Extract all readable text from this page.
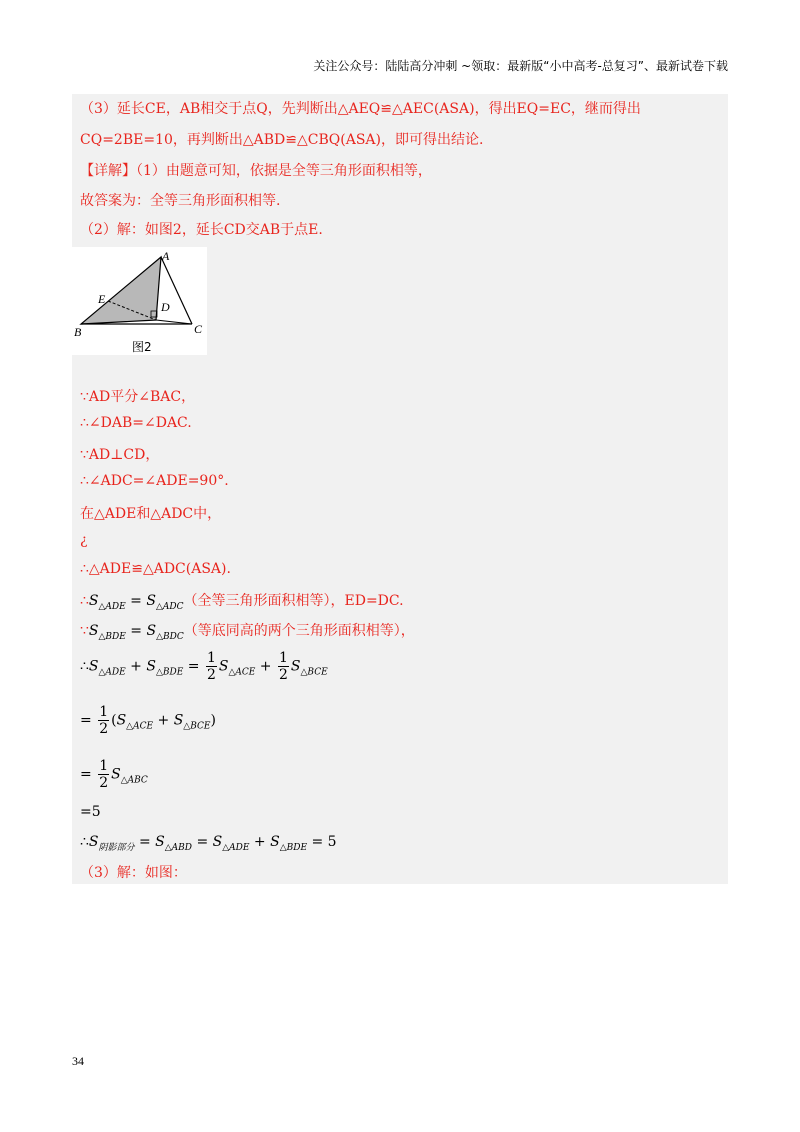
关注公众号：陆陆高分冲刺 ~领取：最新版“小中高考-总复习”、最新试卷下载
（3）延长CE，AB相交于点Q，先判断出△AEQ≌△AEC(ASA)，得出EQ=EC，继而得出
CQ=2BE=10，再判断出△ABD≌△CBQ(ASA)，即可得出结论.
【详解】（1）由题意可知，依据是全等三角形面积相等，
故答案为：全等三角形面积相等.
（2）解：如图2，延长CD交AB于点E.
A
E
D
B	C
图2
∵AD平分∠BAC，
∴∠DAB=∠DAC.
∵AD⊥CD，
∴∠ADC=∠ADE=90°.
在△ADE和△ADC中，
¿
∴△ADE≌△ADC(ASA).
$\therefore S_{\triangle ADE} = S_{\triangle ADC}$（全等三角形面积相等），ED=DC.
$\because S_{\triangle BDE} = S_{\triangle BDC}$（等底同高的两个三角形面积相等），
$\therefore S_{\triangle ADE} + S_{\triangle BDE} = \frac{1}{2} S_{\triangle ACE} + \frac{1}{2} S_{\triangle BCE}$
= $\frac{1}{2} (S_{\triangle ACE} + S_{\triangle BCE})$
= $\frac{1}{2} S_{\triangle ABC}$
=5
$\therefore S_{阴影部分} = S_{\triangle ABD} = S_{\triangle ADE} + S_{\triangle BDE} = 5$
（3）解：如图：
34
